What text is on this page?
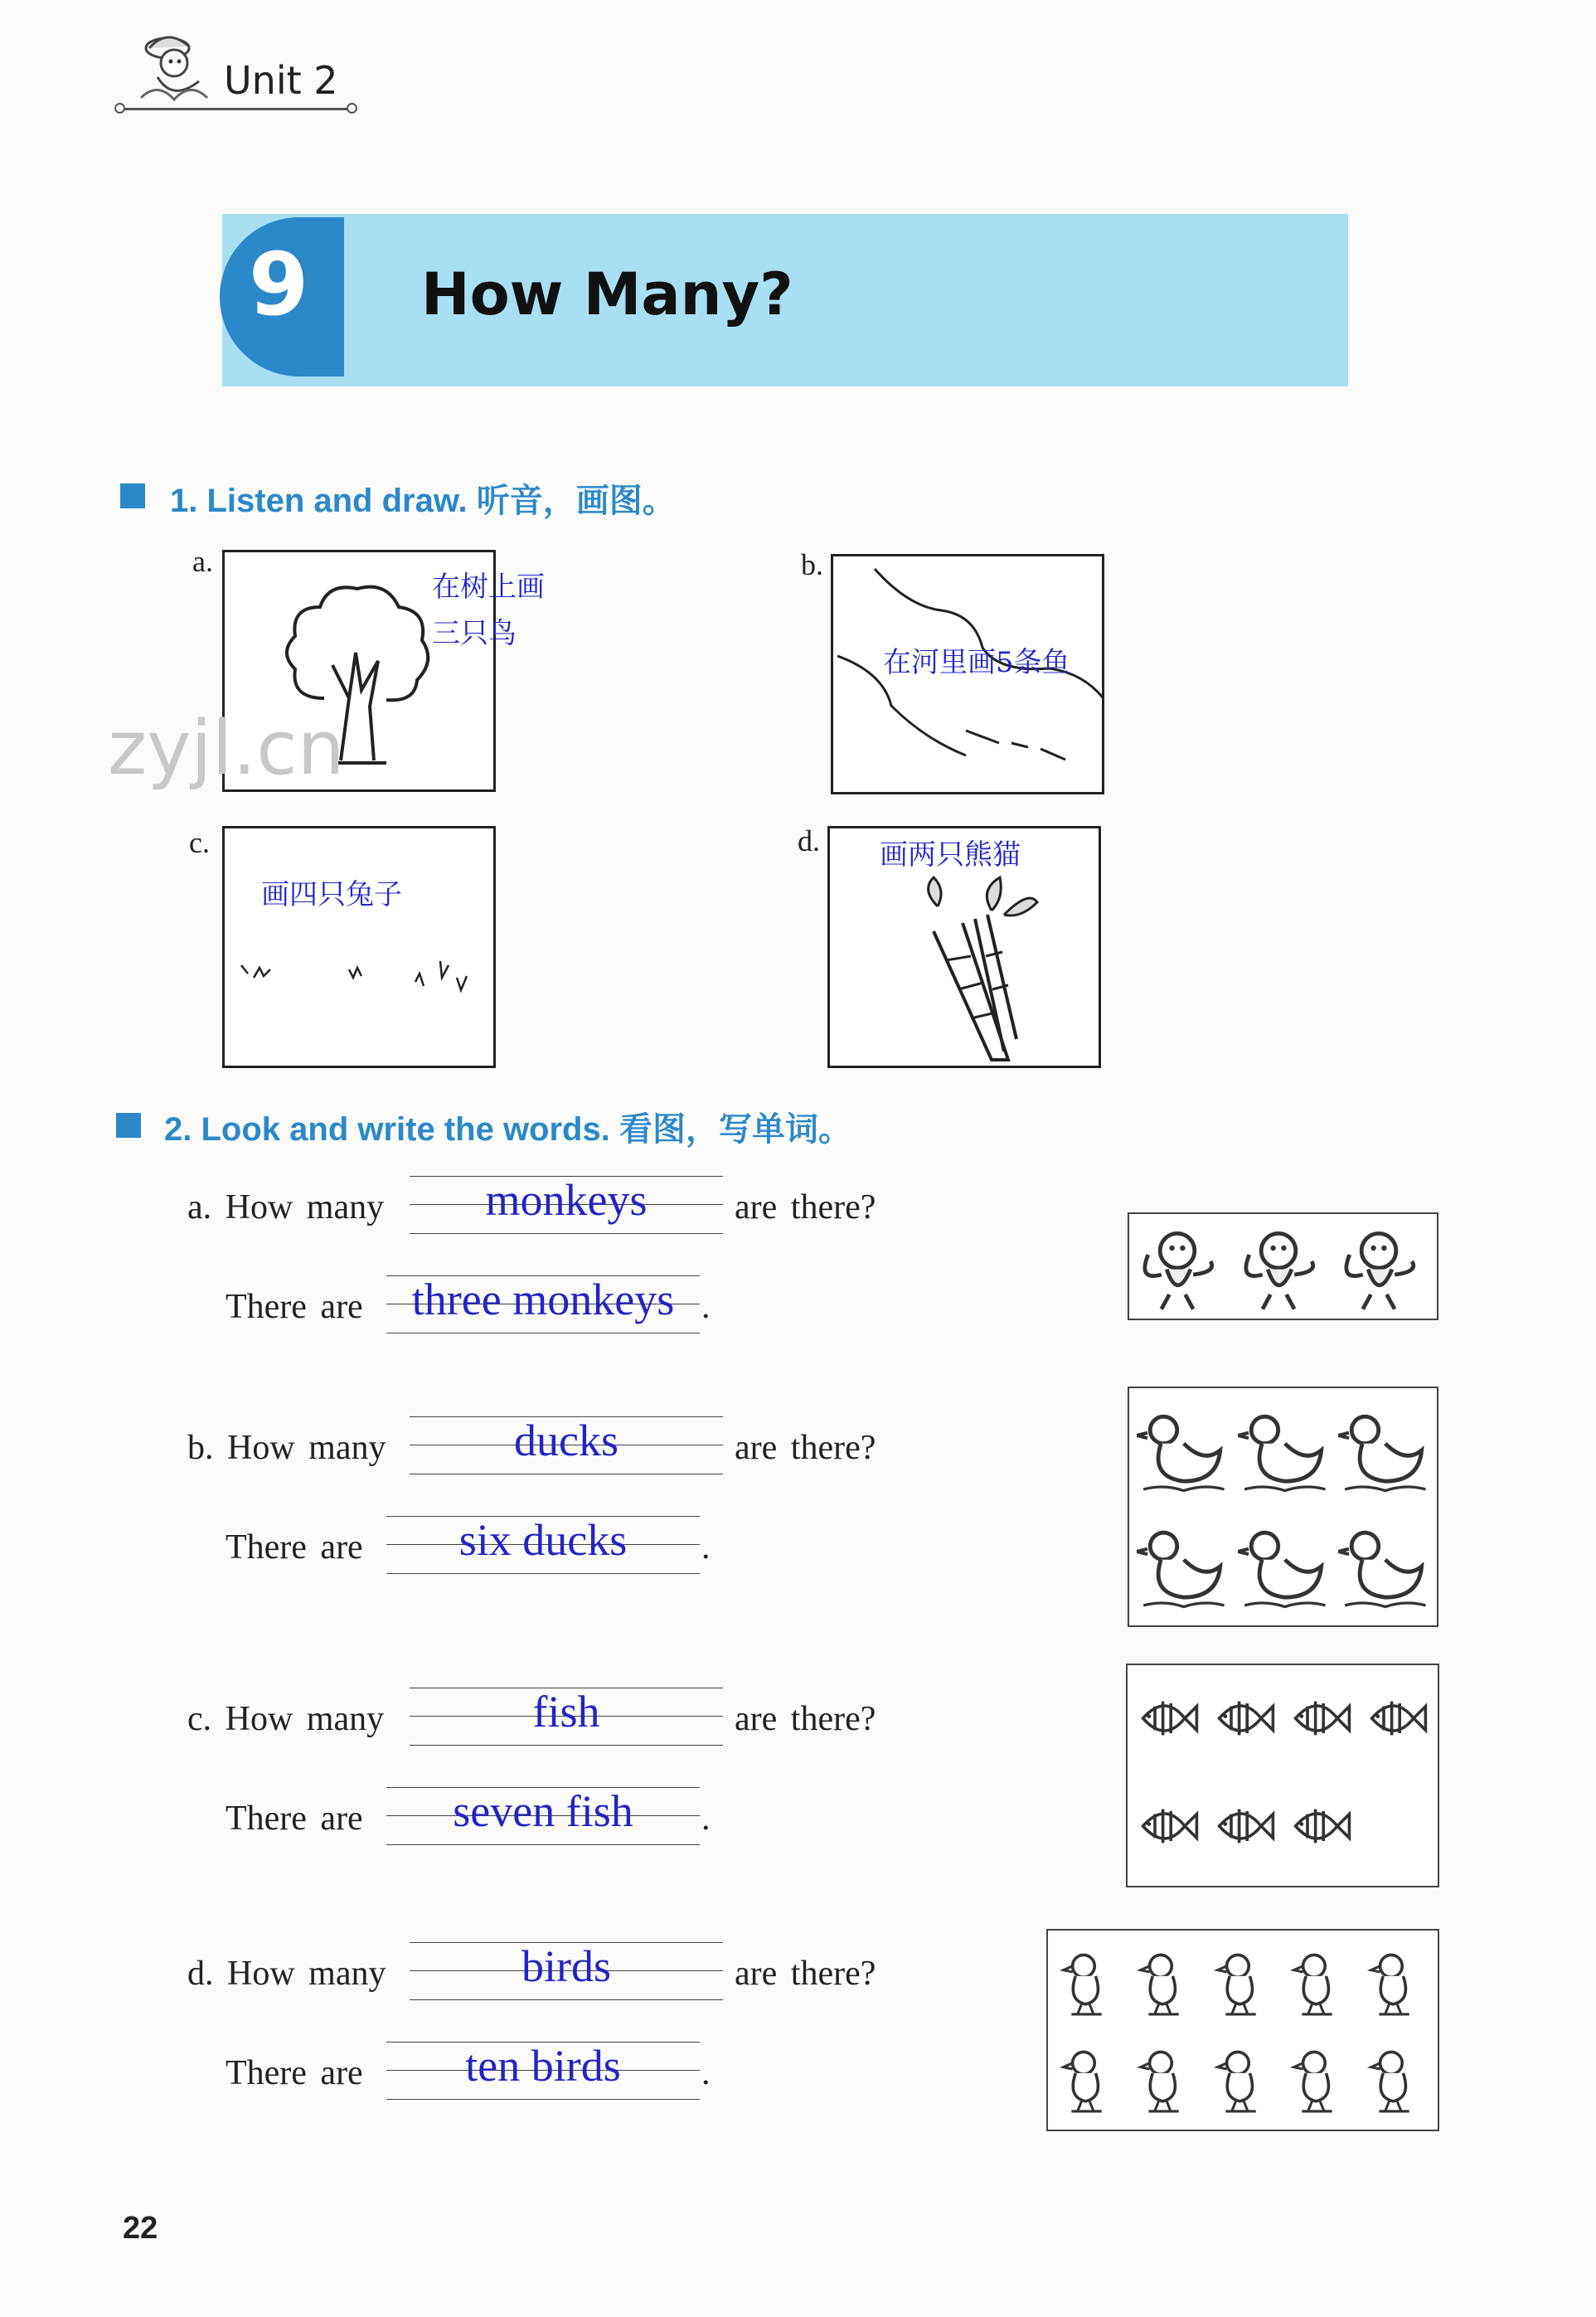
Unit 2
9 How Many?
1. Listen and draw. 听音，画图。
a.
在树上画
三只鸟
b.
在河里画5条鱼
c.
画四只兔子
d. 画两只熊猫
zyjl.cn
2. Look and write the words. 看图，写单词。
a. How many	monkeys	are there?
There are	three monkeys .
b. How many	ducks	are there?
There are	six ducks	.
c. How many	fish	are there?
There are	seven fish	.
d. How many	birds	are there?
There are	ten birds	.
22
